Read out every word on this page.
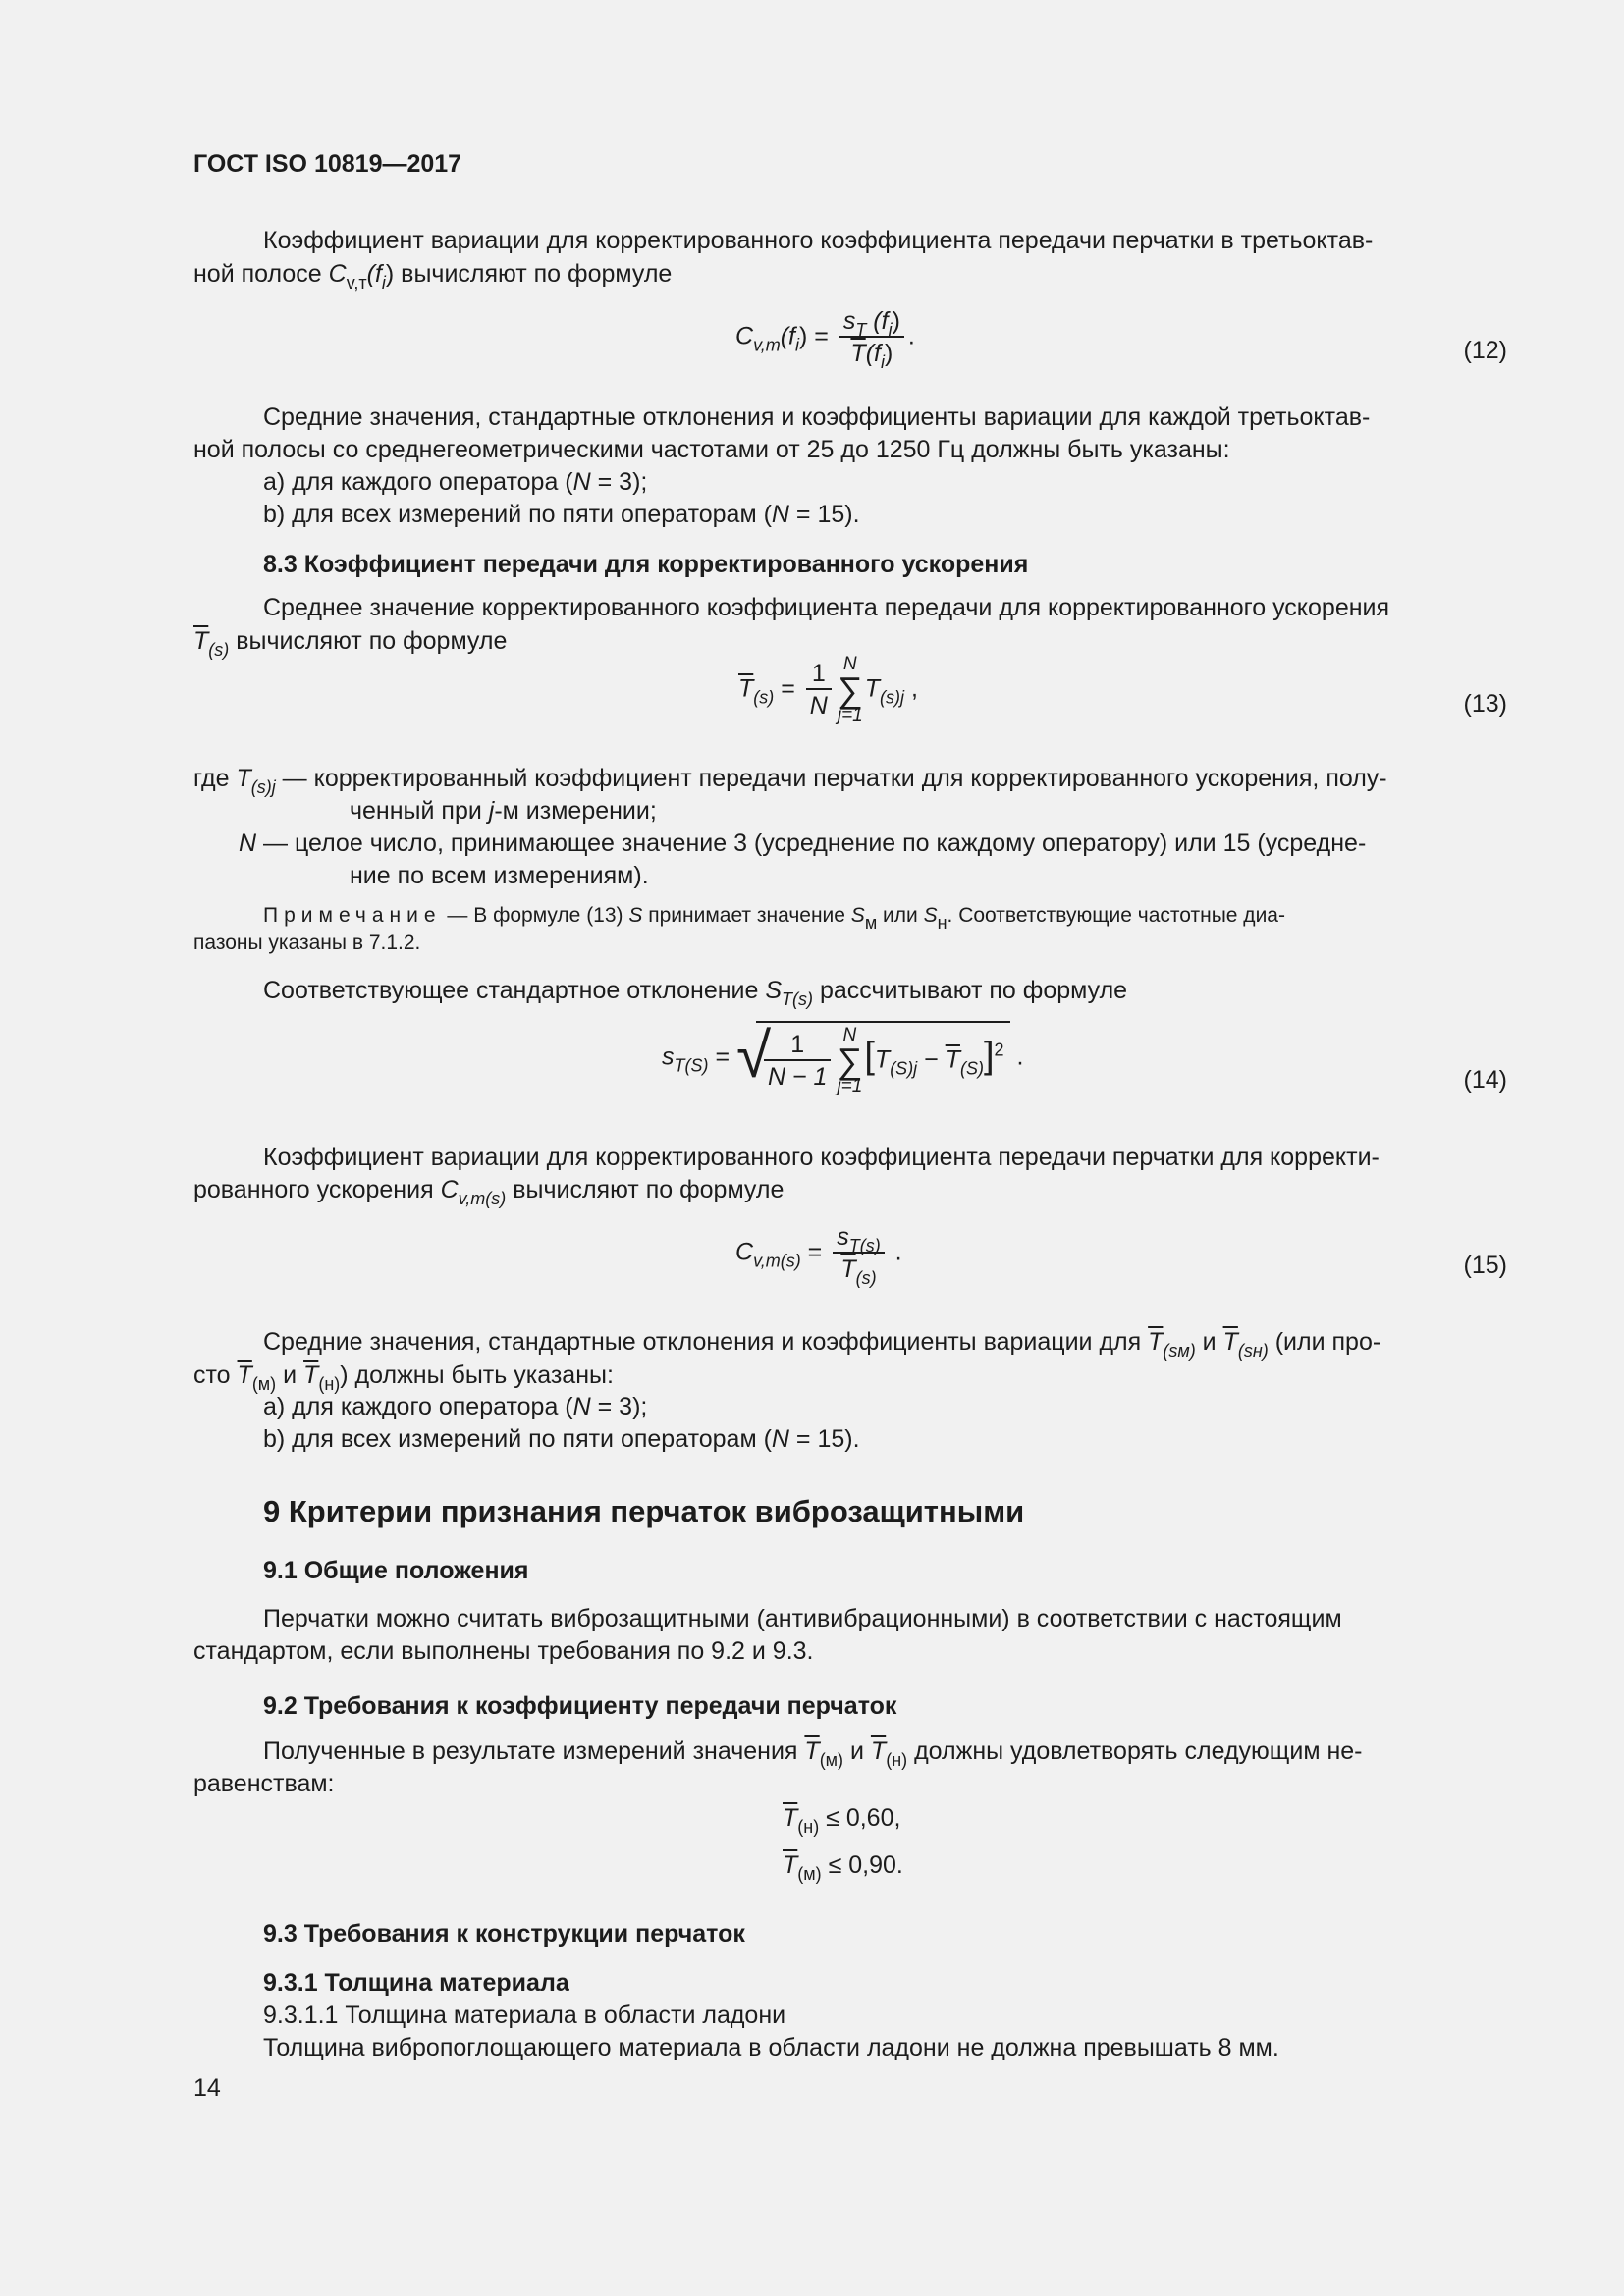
ГОСТ ISO 10819—2017
Коэффициент вариации для корректированного коэффициента передачи перчатки в третьоктав-
ной полосе $C_{v,т}(f_i)$ вычисляют по формуле
$C_{v,т}(f_i) = \frac{s_T (f_i)}{\overline{T}(f_i)}$ .
(12)
Средние значения, стандартные отклонения и коэффициенты вариации для каждой третьоктав-
ной полосы со среднегеометрическими частотами от 25 до 1250 Гц должны быть указаны:
a) для каждого оператора (N = 3);
b) для всех измерений по пяти операторам (N = 15).
8.3 Коэффициент передачи для корректированного ускорения
Среднее значение корректированного коэффициента передачи для корректированного ускорения
$\overline{T}_{(s)}$ вычисляют по формуле
$\overline{T}_{(s)} = \frac{1}{N}$ N
∑
$j=1T_{(s)j}$ ,
(13)
где $T_{(s)j}$ — корректированный коэффициент передачи перчатки для корректированного ускорения, полу-
ченный при j-м измерении;
N — целое число, принимающее значение 3 (усреднение по каждому оператору) или 15 (усредне-
ние по всем измерениям).
Примечание — В формуле (13) S принимает значение $S_м$ или $S_н$. Соответствующие частотные диа-
пазоны указаны в 7.1.2.
Соответствующее стандартное отклонение $S_{T(s)}$ рассчитывают по формуле
$s_{T(S)}$ = √
$\frac{1}{N - 1}$ N
∑
$j=1[T_{(S)j} - \overline{T}_{(S)}]^2$ .
(14)
Коэффициент вариации для корректированного коэффициента передачи перчатки для корректи-
рованного ускорения $C_{v,т(s)}$ вычисляют по формуле
$C_{v,т(s)} = \frac{s_{T(s)}}{\overline{T}_{(s)}}$ .	(15)
Средние значения, стандартные отклонения и коэффициенты вариации для $\overline{T}_{(sм)}$ и $\overline{T}_{(sн)}$ (или про-
сто $\overline{T}_{(м)}$ и $\overline{T}_{(н)}$) должны быть указаны:
a) для каждого оператора (N = 3);
b) для всех измерений по пяти операторам (N = 15).
9 Критерии признания перчаток виброзащитными
9.1 Общие положения
Перчатки можно считать виброзащитными (антивибрационными) в соответствии с настоящим
стандартом, если выполнены требования по 9.2 и 9.3.
9.2 Требования к коэффициенту передачи перчаток
Полученные в результате измерений значения $\overline{T}_{(м)}$ и $\overline{T}_{(н)}$ должны удовлетворять следующим не-
равенствам:
$\overline{T}_{(н)} \le 0,60$,
$\overline{T}_{(м)} \le 0,90$.
9.3 Требования к конструкции перчаток
9.3.1 Толщина материала
9.3.1.1 Толщина материала в области ладони
Толщина вибропоглощающего материала в области ладони не должна превышать 8 мм.
14
